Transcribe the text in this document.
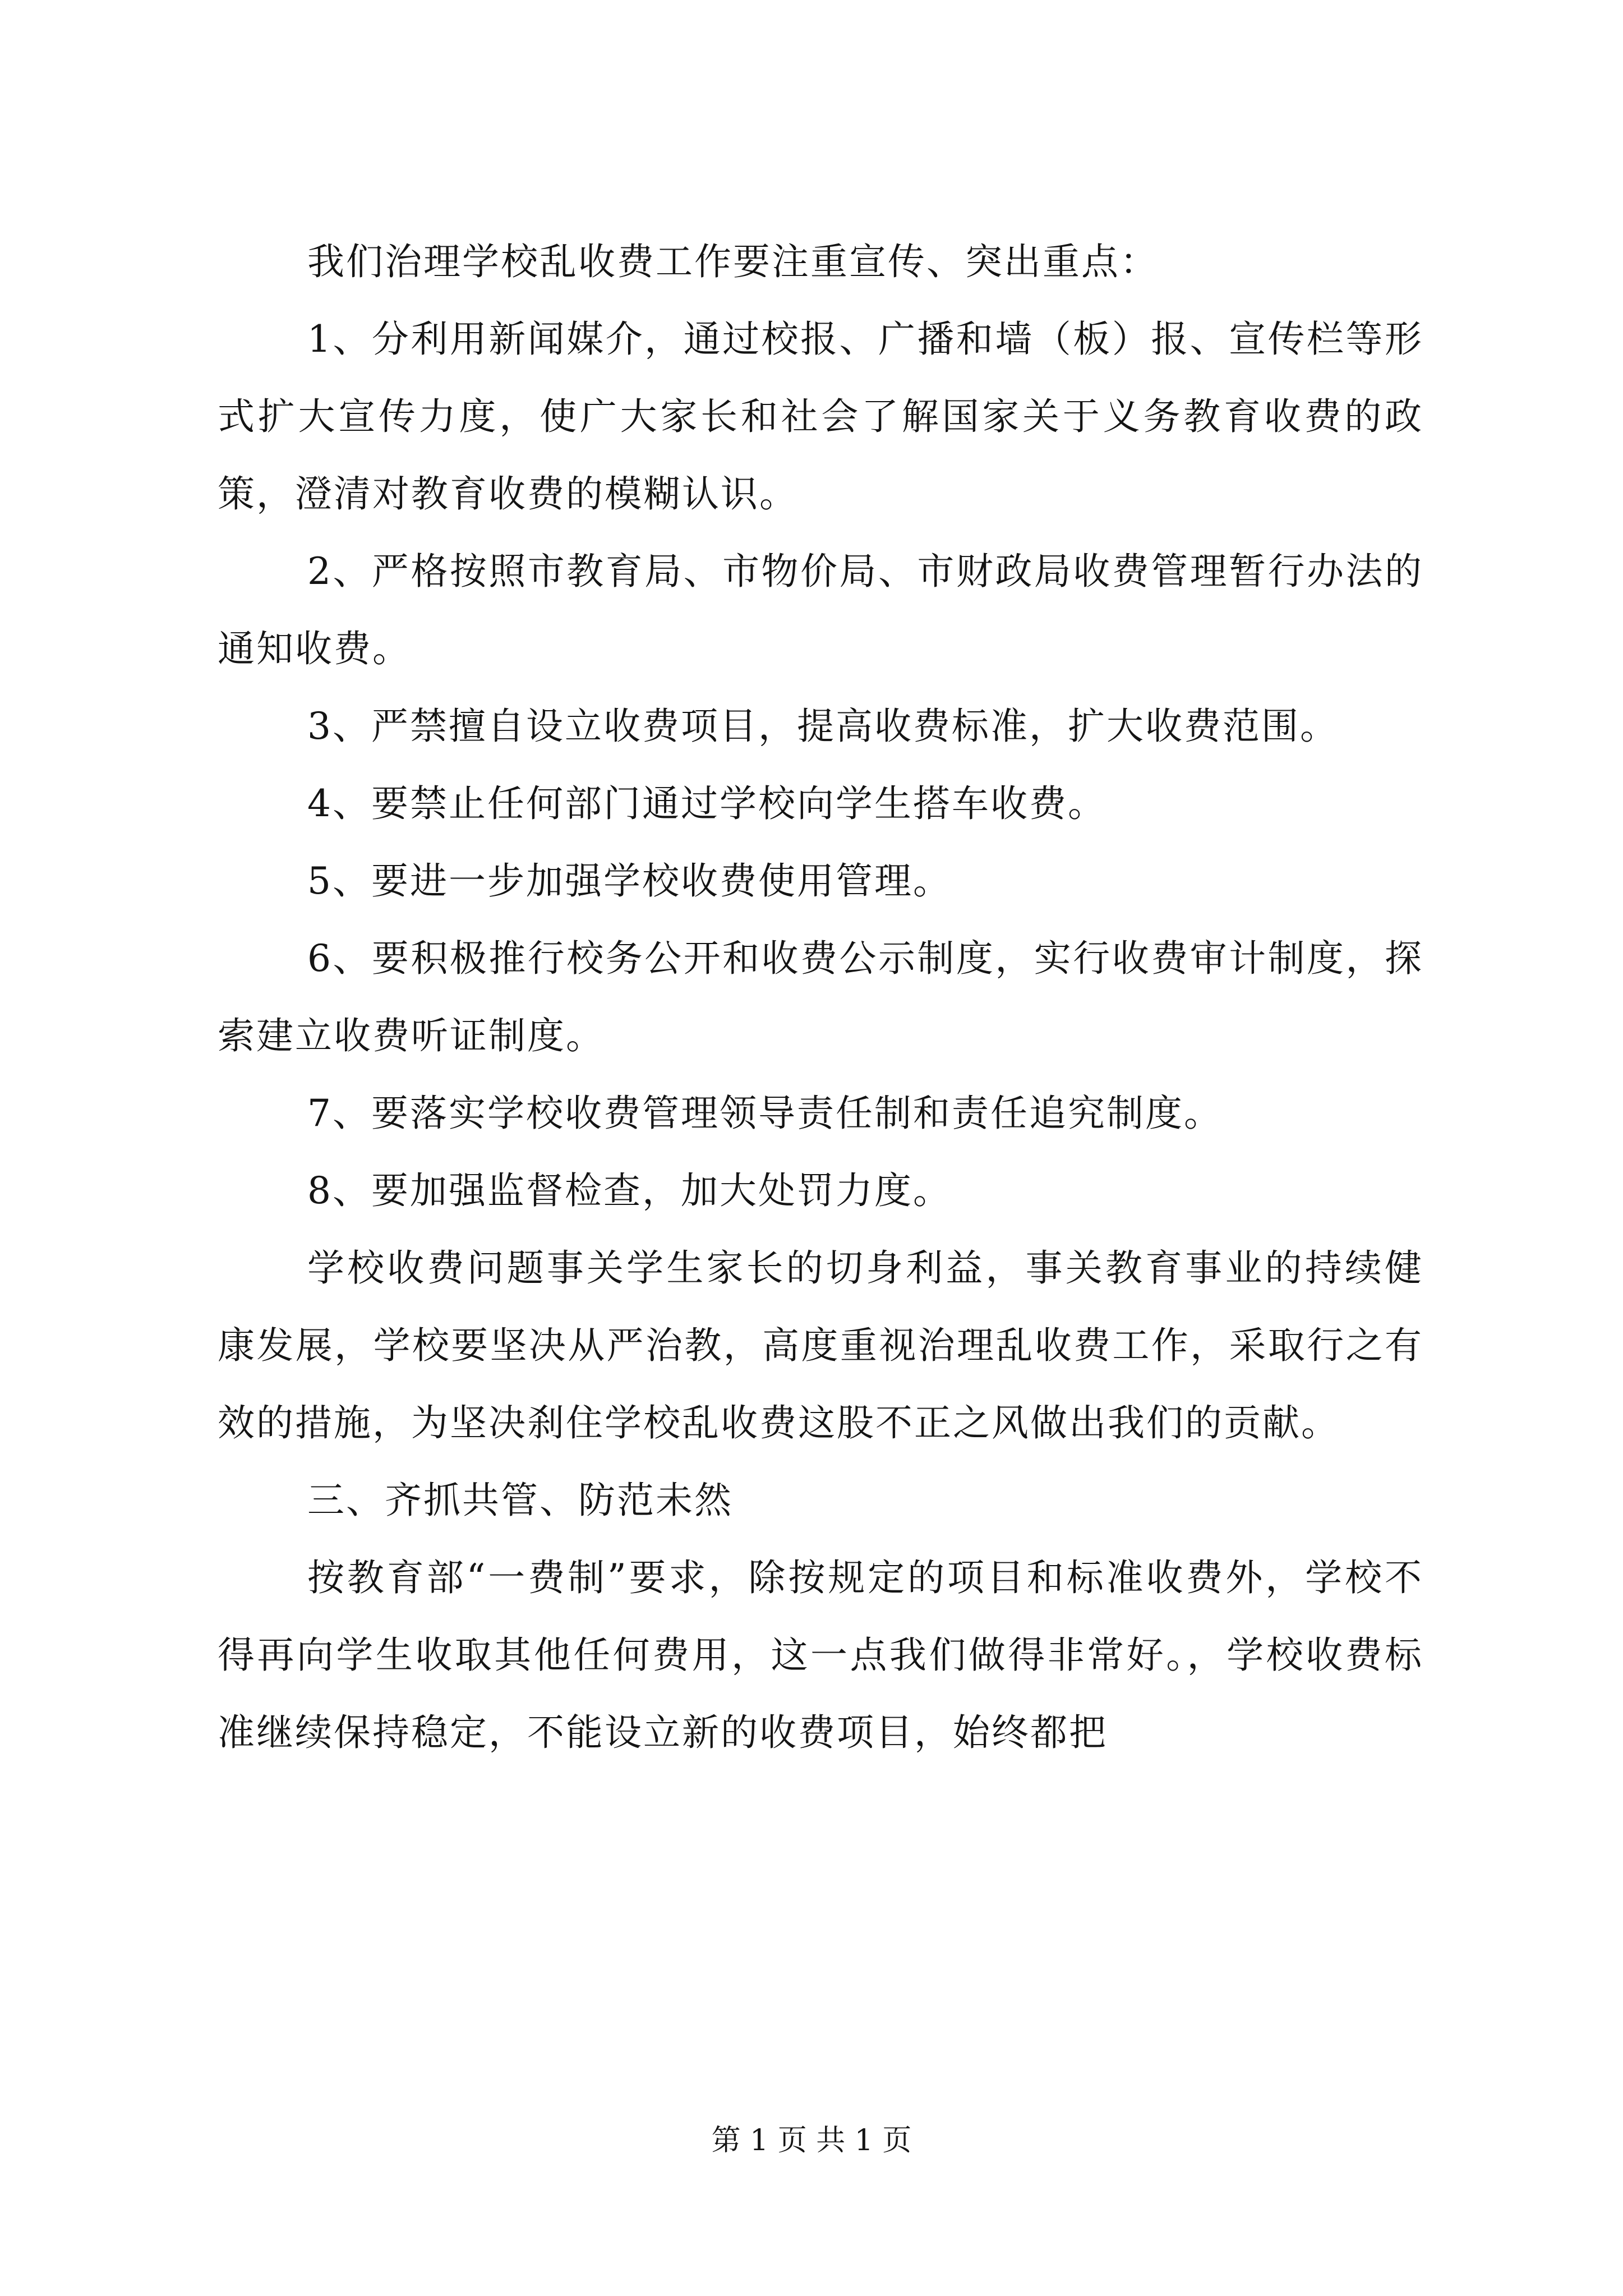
我们治理学校乱收费工作要注重宣传、突出重点：

1、分利用新闻媒介，通过校报、广播和墙（板）报、宣传栏等形式扩大宣传力度，使广大家长和社会了解国家关于义务教育收费的政策，澄清对教育收费的模糊认识。

2、严格按照市教育局、市物价局、市财政局收费管理暂行办法的通知收费。

3、严禁擅自设立收费项目，提高收费标准，扩大收费范围。

4、要禁止任何部门通过学校向学生搭车收费。

5、要进一步加强学校收费使用管理。

6、要积极推行校务公开和收费公示制度，实行收费审计制度，探索建立收费听证制度。

7、要落实学校收费管理领导责任制和责任追究制度。

8、要加强监督检查，加大处罚力度。

学校收费问题事关学生家长的切身利益，事关教育事业的持续健康发展，学校要坚决从严治教，高度重视治理乱收费工作，采取行之有效的措施，为坚决刹住学校乱收费这股不正之风做出我们的贡献。

三、齐抓共管、防范未然

按教育部“一费制”要求，除按规定的项目和标准收费外，学校不得再向学生收取其他任何费用，这一点我们做得非常好。，学校收费标准继续保持稳定，不能设立新的收费项目，始终都把

第 1 页 共 1 页
